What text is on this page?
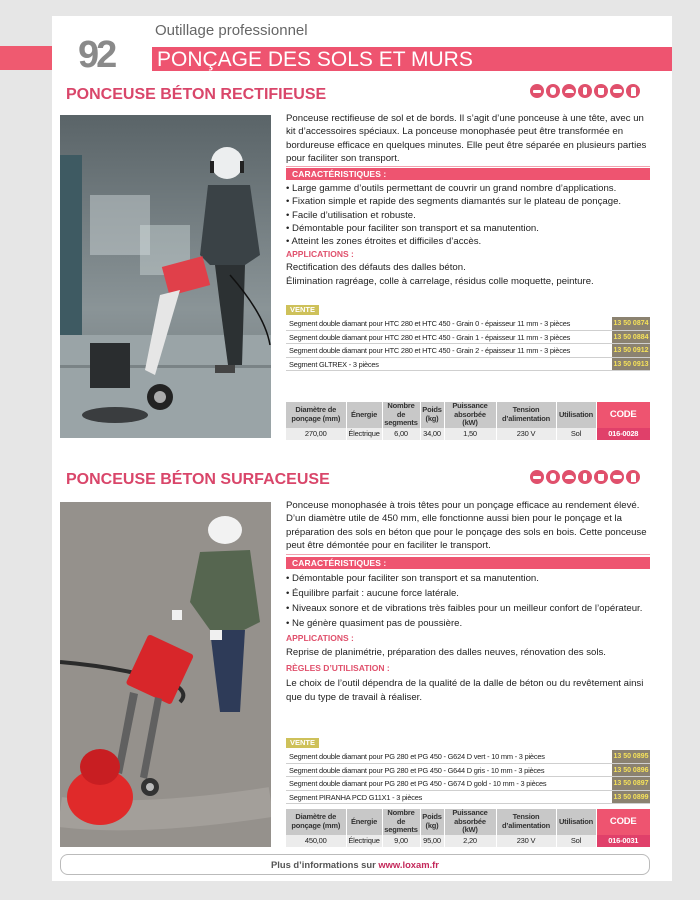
Outillage professionnel
92 PONÇAGE DES SOLS ET MURS
PONCEUSE BÉTON RECTIFIEUSE
Ponceuse rectifieuse de sol et de bords. Il s’agit d’une ponceuse à une tête, avec un kit d’accessoires spéciaux. La ponceuse monophasée peut être transformée en bordureuse efficace en quelques minutes. Elle peut être séparée en plusieurs parties pour faciliter son transport.
CARACTÉRISTIQUES :
• Large gamme d’outils permettant de couvrir un grand nombre d’applications.
• Fixation simple et rapide des segments diamantés sur le plateau de ponçage.
• Facile d’utilisation et robuste.
• Démontable pour faciliter son transport et sa manutention.
• Atteint les zones étroites et difficiles d’accès.
APPLICATIONS :
Rectification des défauts des dalles béton.
Élimination ragréage, colle à carrelage, résidus colle moquette, peinture.
VENTE
Segment double diamant pour HTC 280 et HTC 450 - Grain 0 - épaisseur 11 mm - 3 pièces	13 50 0874
Segment double diamant pour HTC 280 et HTC 450 - Grain 1 - épaisseur 11 mm - 3 pièces	13 50 0884
Segment double diamant pour HTC 280 et HTC 450 - Grain 2 - épaisseur 11 mm - 3 pièces	13 50 0912
Segment GLTREX - 3 pièces	13 50 0913
Diamètre de ponçage (mm)	Énergie	Nombre de segments	Poids (kg)	Puissance absorbée (kW)	Tension d’alimentation	Utilisation	CODE
270,00	Électrique	6,00	34,00	1,50	230 V	Sol	016-0028
PONCEUSE BÉTON SURFACEUSE
Ponceuse monophasée à trois têtes pour un ponçage efficace au rendement élevé. D’un diamètre utile de 450 mm, elle fonctionne aussi bien pour le ponçage et la préparation des sols en béton que pour le ponçage des sols en bois. Cette ponceuse peut être démontée pour en faciliter le transport.
CARACTÉRISTIQUES :
• Démontable pour faciliter son transport et sa manutention.
• Équilibre parfait : aucune force latérale.
• Niveaux sonore et de vibrations très faibles pour un meilleur confort de l’opérateur.
• Ne génère quasiment pas de poussière.
APPLICATIONS :
Reprise de planimétrie, préparation des dalles neuves, rénovation des sols.
RÈGLES D’UTILISATION :
Le choix de l’outil dépendra de la qualité de la dalle de béton ou du revêtement ainsi que du type de travail à réaliser.
VENTE
Segment double diamant pour PG 280 et PG 450 - G624 D vert - 10 mm - 3 pièces	13 50 0895
Segment double diamant pour PG 280 et PG 450 - G644 D gris - 10 mm - 3 pièces	13 50 0896
Segment double diamant pour PG 280 et PG 450 - G674 D gold - 10 mm - 3 pièces	13 50 0897
Segment PIRANHA PCD G11X1 - 3 pièces	13 50 0899
Diamètre de ponçage (mm)	Énergie	Nombre de segments	Poids (kg)	Puissance absorbée (kW)	Tension d’alimentation	Utilisation	CODE
450,00	Électrique	9,00	95,00	2,20	230 V	Sol	016-0031
Plus d’informations sur www.loxam.fr
